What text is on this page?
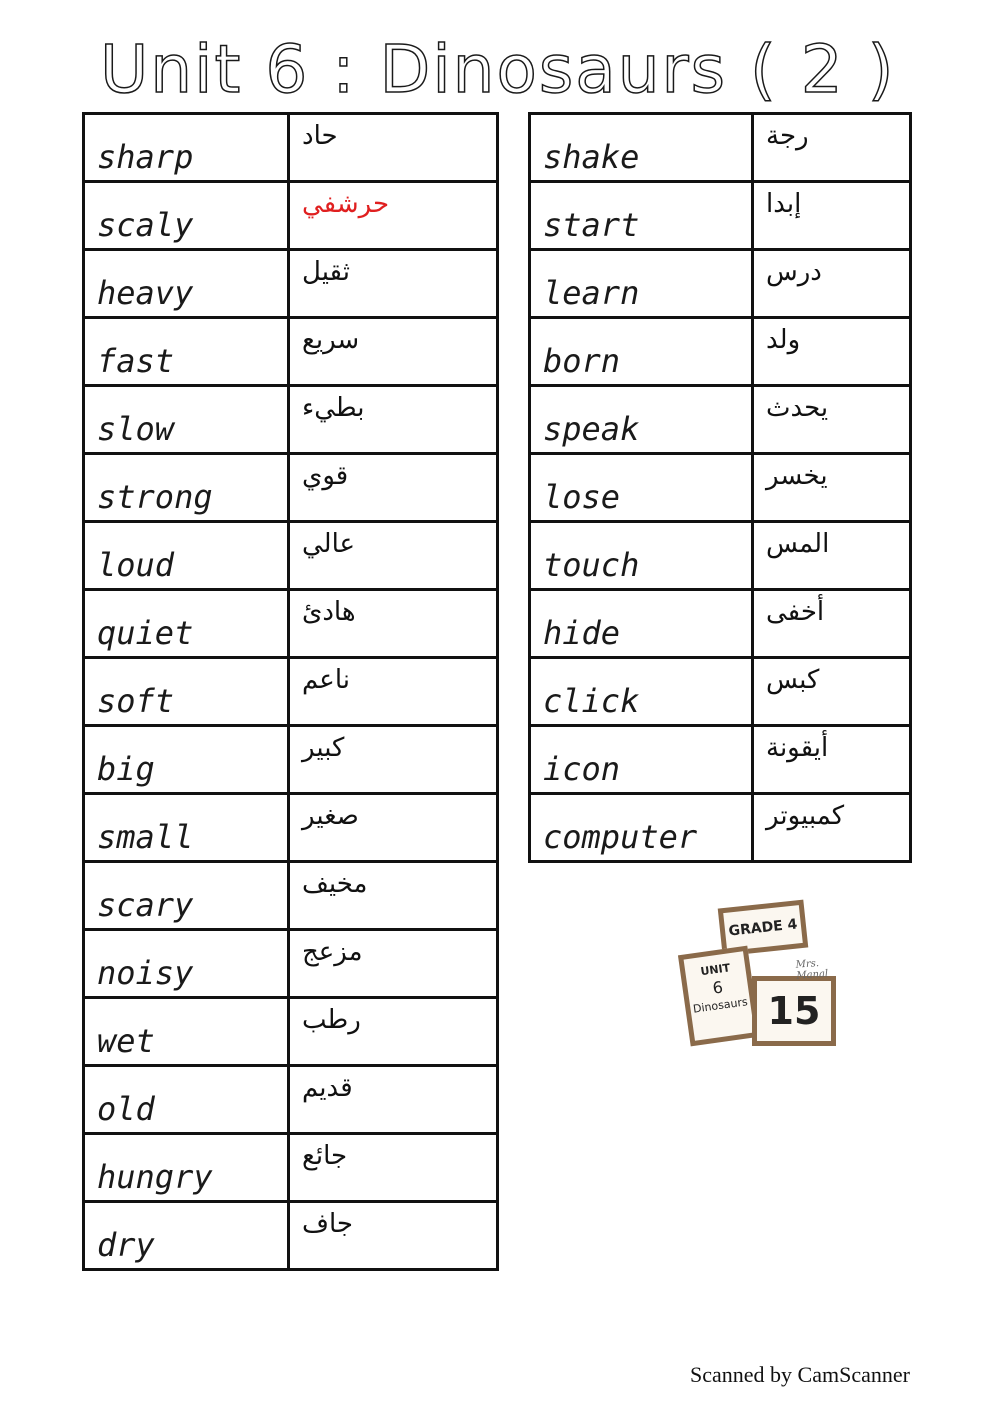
Unit 6 : Dinosaurs ( 2 )
sharp	حاد

scaly	حرشفي

heavy	ثقيل

fast	سريع

slow	بطيء

strong	قوي

loud	عالي

quiet	هادئ

soft	ناعم

big	كبير

small	صغير

scary	مخيف

noisy	مزعج

wet	رطب

old	قديم

hungry	جائع

dry	جاف
shake	رجة

start	إبدا

learn	درس

born	ولد

speak	يحدث

lose	يخسر

touch	المس

hide	أخفى

click	كبس

icon	أيقونة

computer	كمبيوتر
GRADE 4
UNIT
6
Dinosaurs 15
Mrs. Manal
Scanned by CamScanner
